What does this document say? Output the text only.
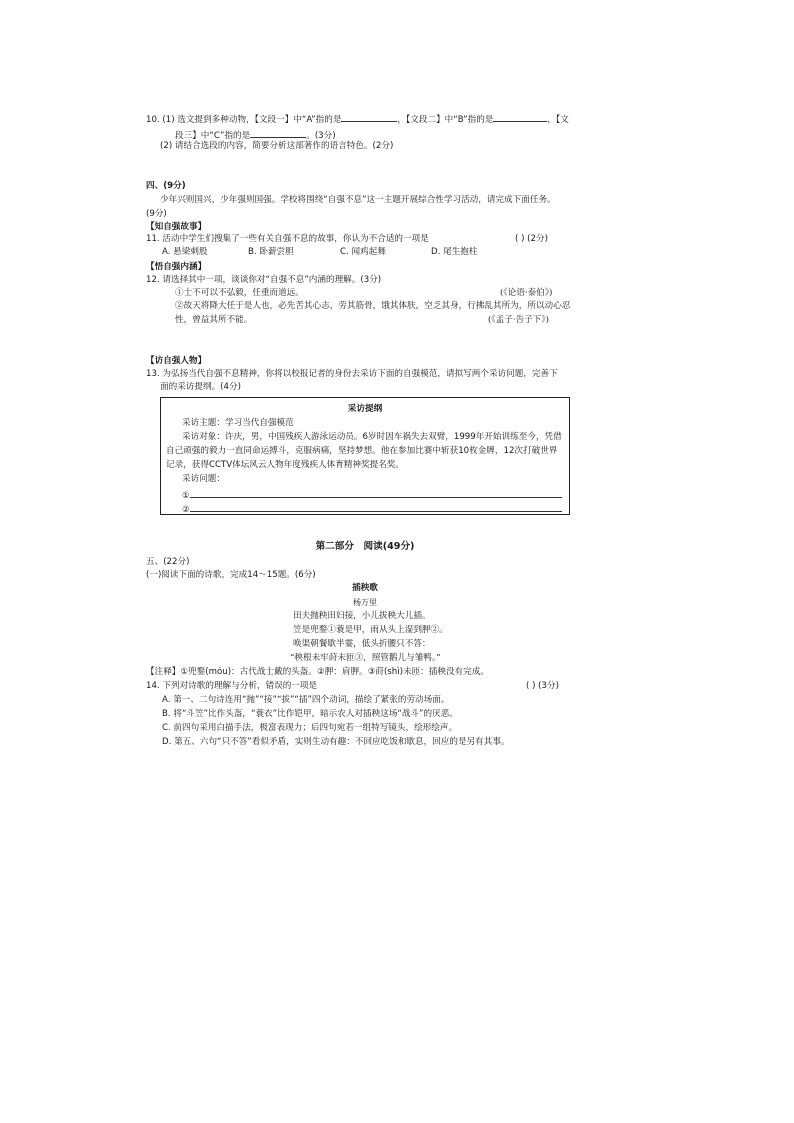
10. (1) 选文提到多种动物，【文段一】中“A”指的是	，【文段二】中“B”指的是	，【文
段三】中“C”指的是	。(3分)
(2) 请结合选段的内容，简要分析这部著作的语言特色。(2分)
四、(9分)
少年兴则国兴，少年强则国强。学校将围绕“自强不息”这一主题开展综合性学习活动，请完成下面任务。
(9分)
【知自强故事】
11. 活动中学生们搜集了一些有关自强不息的故事，你认为不合适的一项是	( ) (2分)
A. 悬梁刺股	B. 卧薪尝胆	C. 闻鸡起舞	D. 尾生抱柱
【悟自强内涵】
12. 请选择其中一项，谈谈你对“自强不息”内涵的理解。(3分)
①士不可以不弘毅，任重而道远。	(《论语·泰伯》)
②故天将降大任于是人也，必先苦其心志，劳其筋骨，饿其体肤，空乏其身，行拂乱其所为，所以动心忍
性，曾益其所不能。	(《孟子·告子下》)
【访自强人物】
13. 为弘扬当代自强不息精神，你将以校报记者的身份去采访下面的自强模范，请拟写两个采访问题，完善下
面的采访提纲。(4分)
采访提纲
采访主题：学习当代自强模范
采访对象：许庆，男，中国残疾人游泳运动员。6岁时因车祸失去双臂，1999年开始训练至今，凭借
自己顽强的毅力一直同命运搏斗，克服病痛，坚持梦想。他在参加比赛中斩获10枚金牌，12次打破世界
记录，获得CCTV体坛风云人物年度残疾人体育精神奖提名奖。
采访问题：
①
②
第二部分　阅读(49分)
五、(22分)
(一)阅读下面的诗歌，完成14～15题。(6分)
插秧歌
杨万里
田夫抛秧田妇接，小儿拔秧大儿插。
笠是兜鍪①蓑是甲，雨从头上湿到胛②。
唤渠朝餐歇半霎，低头折腰只不答：
“秧根未牢莳未匝③，照管鹅儿与雏鸭。”
【注释】①兜鍪(móu)：古代战士戴的头盔。②胛：肩胛。③莳(shì)未匝：插秧没有完成。
14. 下列对诗歌的理解与分析，错误的一项是	( ) (3分)
A. 第一、二句诗连用“抛”“接”“拔”“插”四个动词，描绘了紧张的劳动场面。
B. 将“斗笠”比作头盔，“蓑衣”比作铠甲，暗示农人对插秧这场“战斗”的厌恶。
C. 前四句采用白描手法，极富表现力；后四句宛若一组特写镜头，绘形绘声。
D. 第五、六句“只不答”看似矛盾，实则生动有趣：不回应吃饭和歇息，回应的是另有其事。
